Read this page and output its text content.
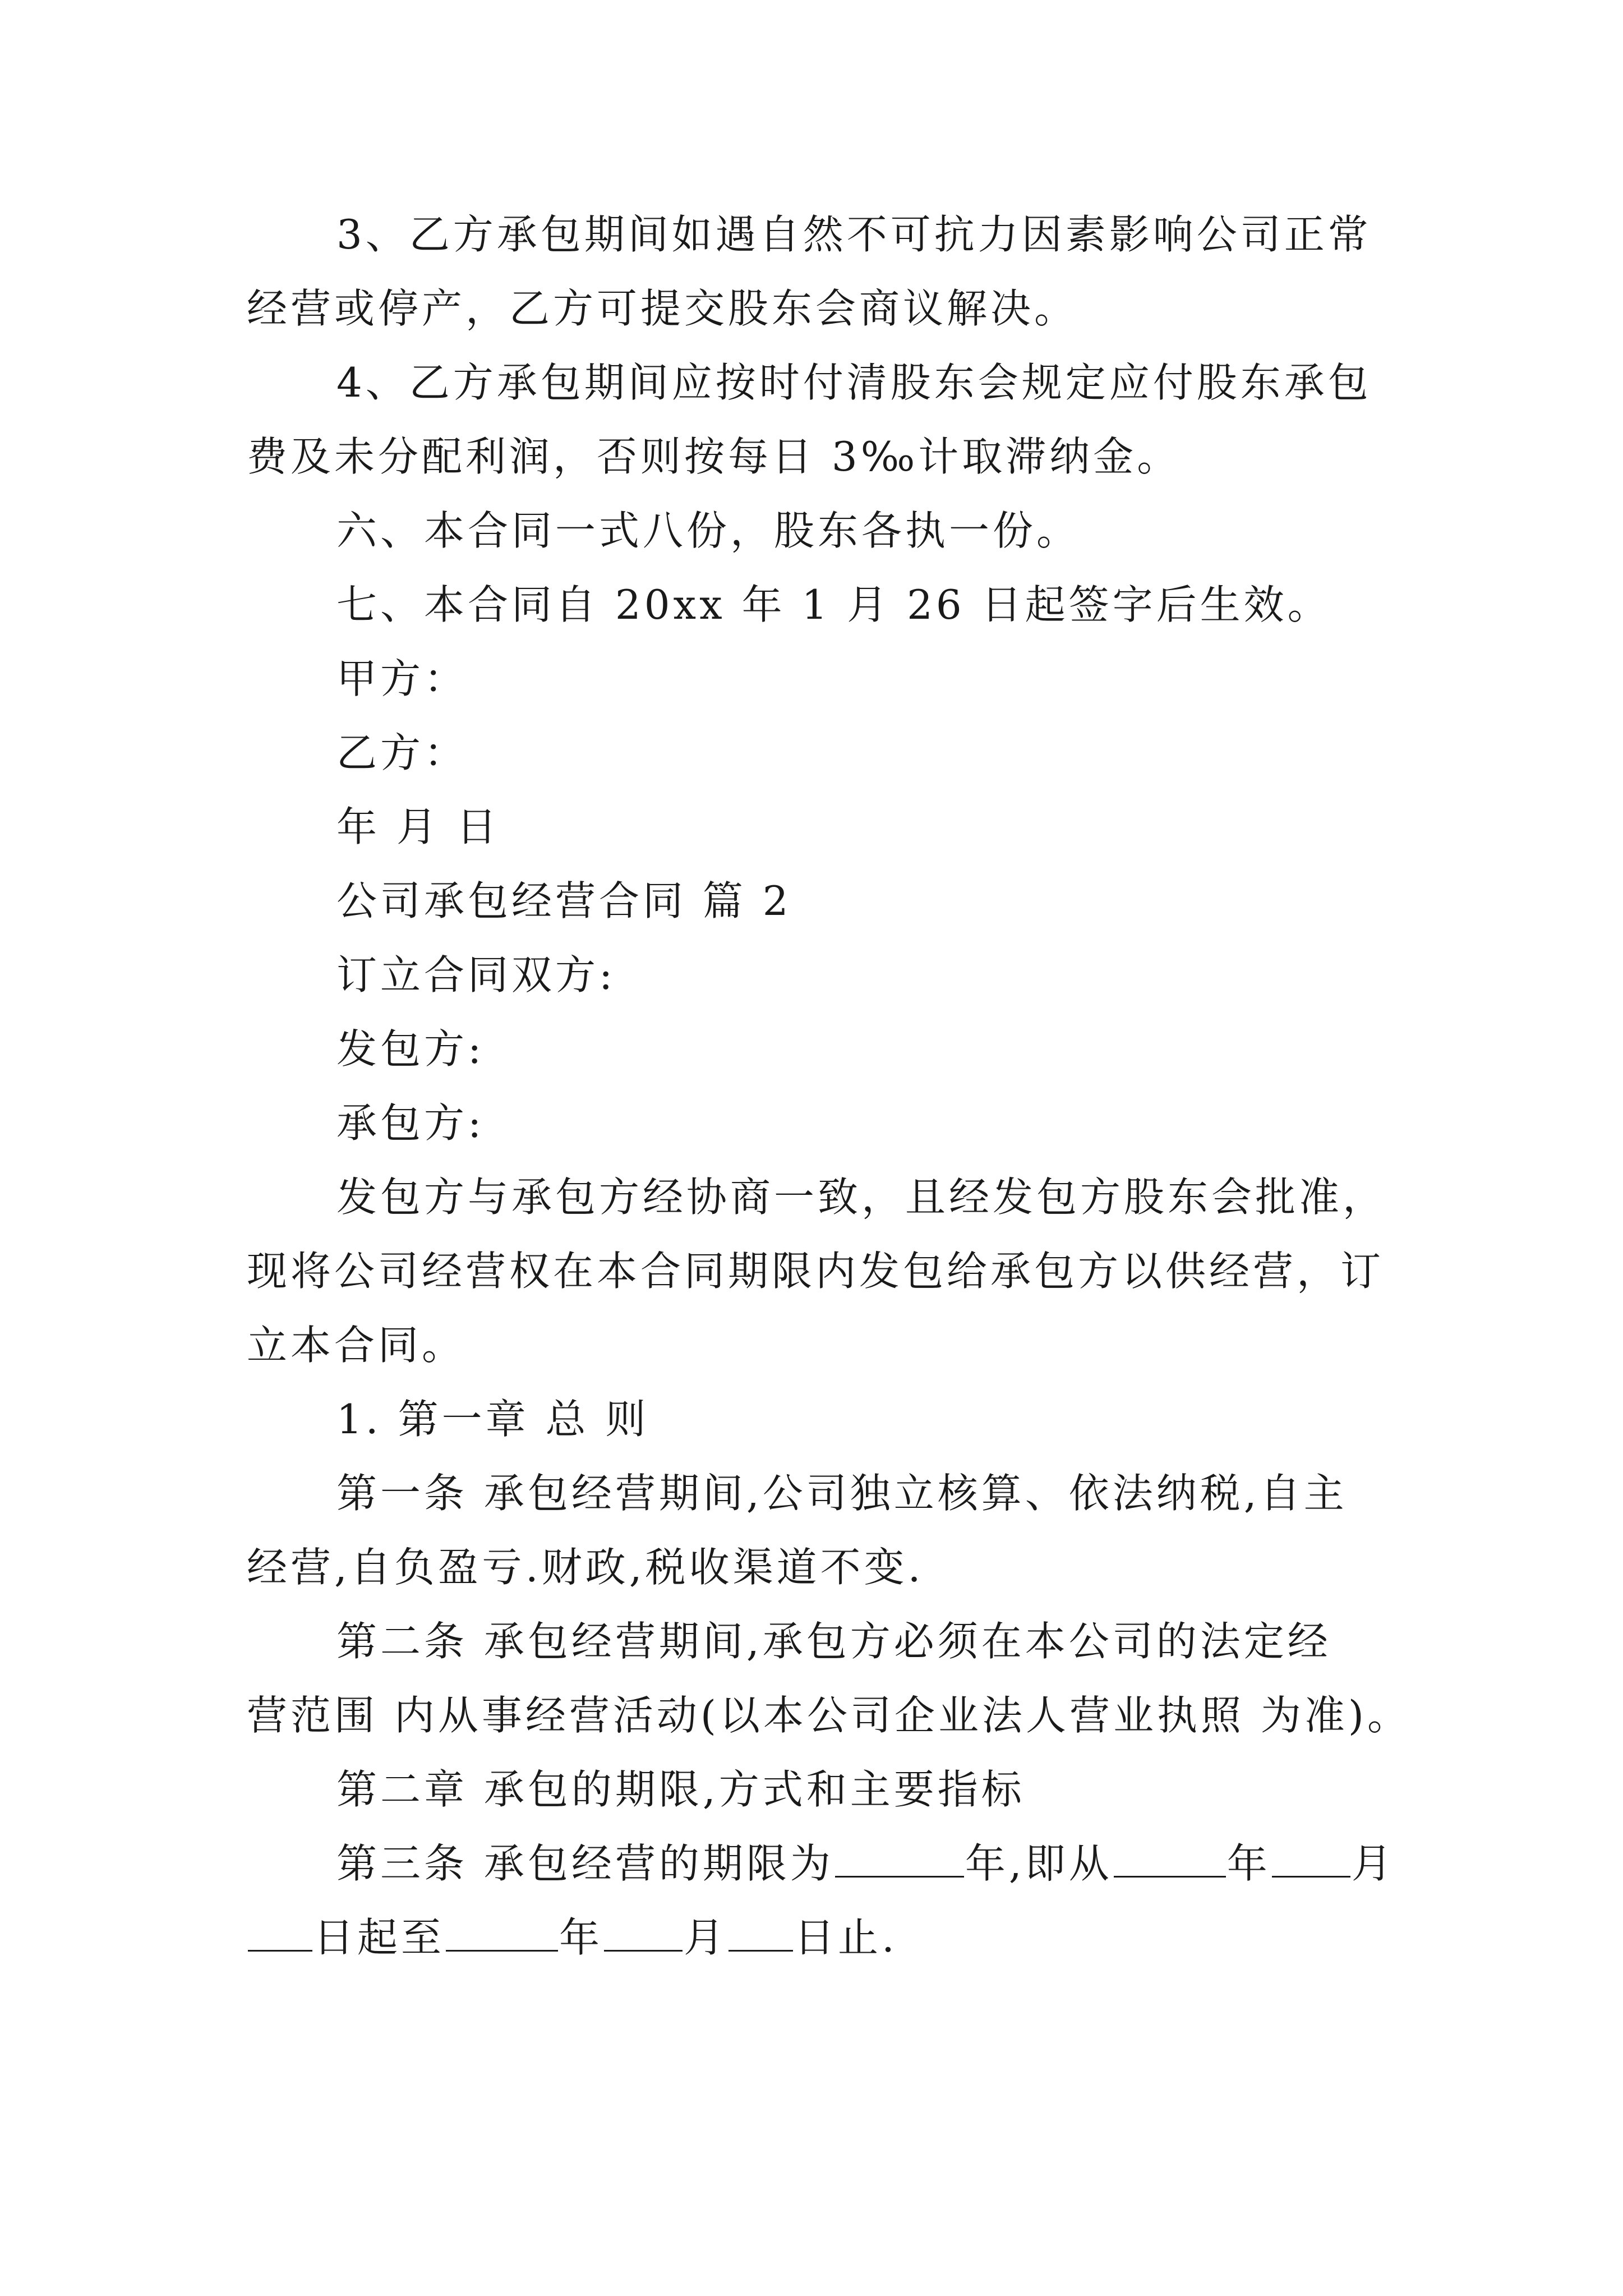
3、乙方承包期间如遇自然不可抗力因素影响公司正常
经营或停产，乙方可提交股东会商议解决。
4、乙方承包期间应按时付清股东会规定应付股东承包
费及未分配利润，否则按每日 3‰计取滞纳金。
六、本合同一式八份，股东各执一份。
七、本合同自 20xx 年 1 月 26 日起签字后生效。
甲方：
乙方：
年 月 日
公司承包经营合同 篇 2
订立合同双方:
发包方:
承包方:
发包方与承包方经协商一致，且经发包方股东会批准，
现将公司经营权在本合同期限内发包给承包方以供经营，订
立本合同。
1. 第一章 总 则
第一条 承包经营期间,公司独立核算、依法纳税,自主
经营,自负盈亏.财政,税收渠道不变.
第二条 承包经营期间,承包方必须在本公司的法定经
营范围 内从事经营活动(以本公司企业法人营业执照 为准)。
第二章 承包的期限,方式和主要指标
第三条 承包经营的期限为	年,即从	年 月
日起至	年 月 日止.
